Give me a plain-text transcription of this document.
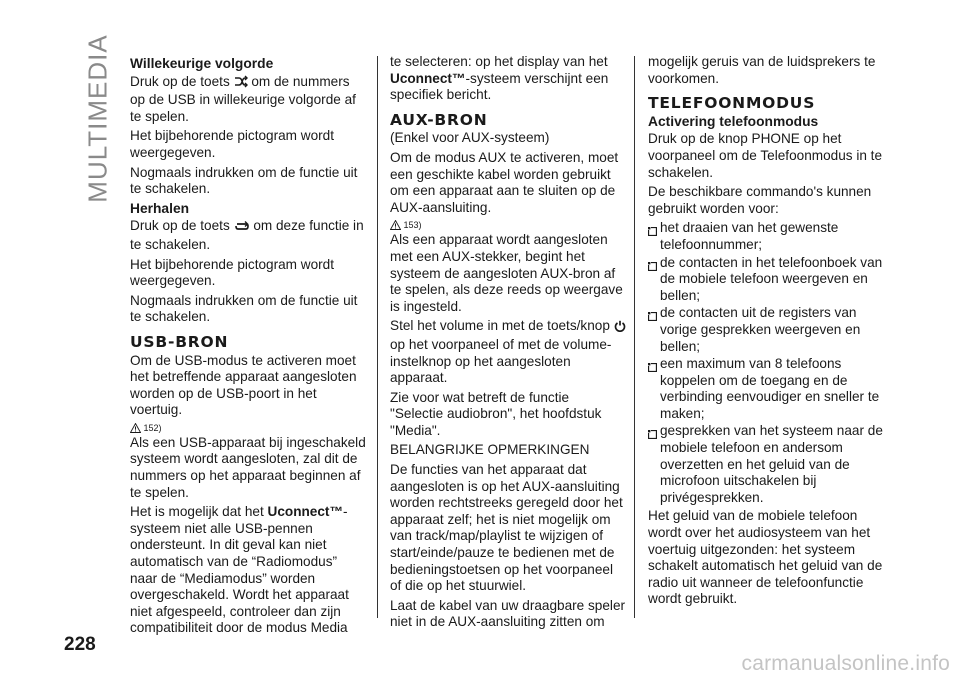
MULTIMEDIA Willekeurige volgorde

Druk op de toets om de nummers op de USB in willekeurige volgorde af te spelen.

Het bijbehorende pictogram wordt weergegeven.

Nogmaals indrukken om de functie uit te schakelen.

Herhalen

Druk op de toets om deze functie in te schakelen.

Het bijbehorende pictogram wordt weergegeven.

Nogmaals indrukken om de functie uit te schakelen.

USB-BRON

Om de USB-modus te activeren moet het betreffende apparaat aangesloten worden op de USB-poort in het voertuig.

152)

Als een USB-apparaat bij ingeschakeld systeem wordt aangesloten, zal dit de nummers op het apparaat beginnen af te spelen.

Het is mogelijk dat het Uconnect™-systeem niet alle USB-pennen ondersteunt. In dit geval kan niet automatisch van de “Radiomodus” naar de “Mediamodus” worden overgeschakeld. Wordt het apparaat niet afgespeeld, controleer dan zijn compatibiliteit door de modus Media

te selecteren: op het display van het Uconnect™-systeem verschijnt een specifiek bericht.

AUX-BRON

(Enkel voor AUX-systeem)

Om de modus AUX te activeren, moet een geschikte kabel worden gebruikt om een apparaat aan te sluiten op de AUX-aansluiting.

153)

Als een apparaat wordt aangesloten met een AUX-stekker, begint het systeem de aangesloten AUX-bron af te spelen, als deze reeds op weergave is ingesteld.

Stel het volume in met de toets/knop  op het voorpaneel of met de volume-instelknop op het aangesloten apparaat.

Zie voor wat betreft de functie "Selectie audiobron", het hoofdstuk "Media".

BELANGRIJKE OPMERKINGEN

De functies van het apparaat dat aangesloten is op het AUX-aansluiting worden rechtstreeks geregeld door het apparaat zelf; het is niet mogelijk om van track/map/playlist te wijzigen of start/einde/pauze te bedienen met de bedieningstoetsen op het voorpaneel of die op het stuurwiel.

Laat de kabel van uw draagbare speler niet in de AUX-aansluiting zitten om

mogelijk geruis van de luidsprekers te voorkomen.

TELEFOONMODUS
Activering telefoonmodus

Druk op de knop PHONE op het voorpaneel om de Telefoonmodus in te schakelen.

De beschikbare commando's kunnen gebruikt worden voor:

het draaien van het gewenste telefoonnummer;
de contacten in het telefoonboek van de mobiele telefoon weergeven en bellen;
de contacten uit de registers van vorige gesprekken weergeven en bellen;
een maximum van 8 telefoons koppelen om de toegang en de verbinding eenvoudiger en sneller te maken;
gesprekken van het systeem naar de mobiele telefoon en andersom overzetten en het geluid van de microfoon uitschakelen bij privégesprekken.

Het geluid van de mobiele telefoon wordt over het audiosysteem van het voertuig uitgezonden: het systeem schakelt automatisch het geluid van de radio uit wanneer de telefoonfunctie wordt gebruikt.

228
carmanualsonline.info
